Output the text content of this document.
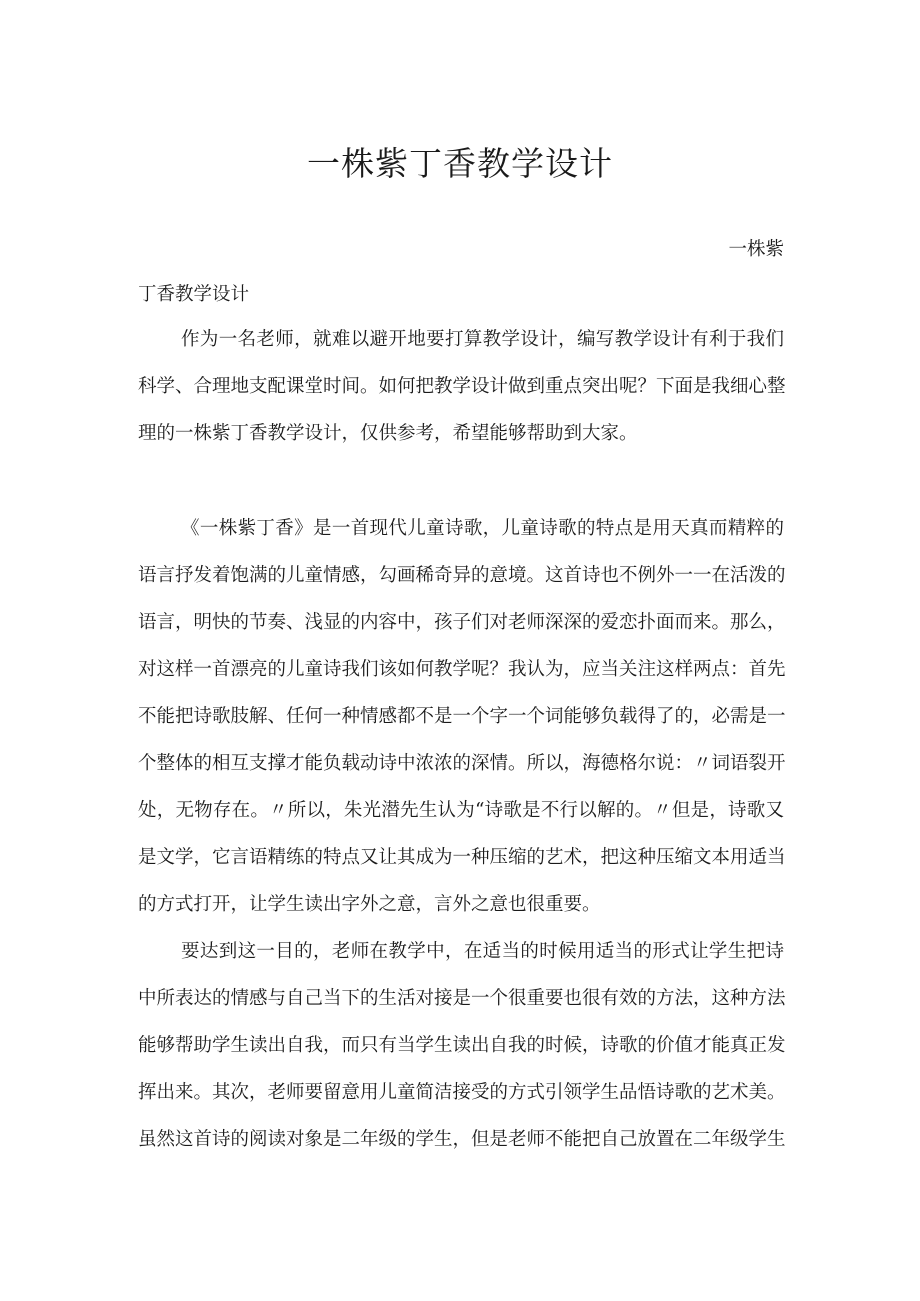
一株紫丁香教学设计

一株紫

丁香教学设计

作为一名老师，就难以避开地要打算教学设计，编写教学设计有利于我们

科学、合理地支配课堂时间。如何把教学设计做到重点突出呢？下面是我细心整

理的一株紫丁香教学设计，仅供参考，希望能够帮助到大家。

《一株紫丁香》是一首现代儿童诗歌，儿童诗歌的特点是用天真而精粹的

语言抒发着饱满的儿童情感，勾画稀奇异的意境。这首诗也不例外一一在活泼的

语言，明快的节奏、浅显的内容中，孩子们对老师深深的爱恋扑面而来。那么，

对这样一首漂亮的儿童诗我们该如何教学呢？我认为，应当关注这样两点：首先

不能把诗歌肢解、任何一种情感都不是一个字一个词能够负载得了的，必需是一

个整体的相互支撑才能负载动诗中浓浓的深情。所以，海德格尔说：〃词语裂开

处，无物存在。〃所以，朱光潜先生认为“诗歌是不行以解的。〃但是，诗歌又

是文学，它言语精练的特点又让其成为一种压缩的艺术，把这种压缩文本用适当

的方式打开，让学生读出字外之意，言外之意也很重要。

要达到这一目的，老师在教学中，在适当的时候用适当的形式让学生把诗

中所表达的情感与自己当下的生活对接是一个很重要也很有效的方法，这种方法

能够帮助学生读出自我，而只有当学生读出自我的时候，诗歌的价值才能真正发

挥出来。其次，老师要留意用儿童简洁接受的方式引领学生品悟诗歌的艺术美。

虽然这首诗的阅读对象是二年级的学生，但是老师不能把自己放置在二年级学生
